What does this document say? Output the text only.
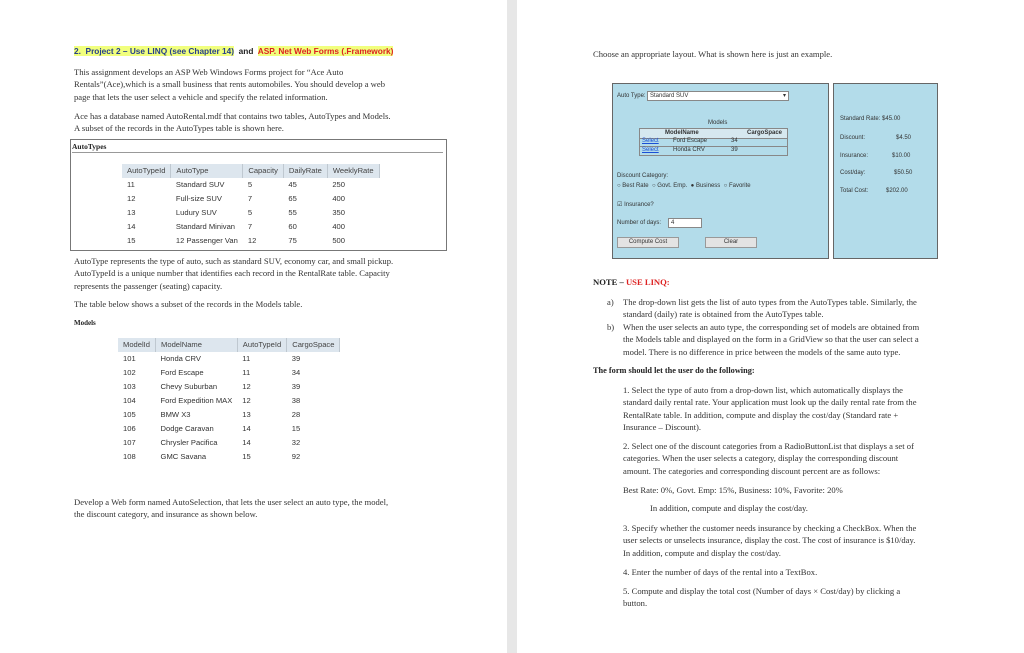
2. Project 2 – Use LINQ (see Chapter 14) and ASP. Net Web Forms (.Framework)
This assignment develops an ASP Web Windows Forms project for “Ace Auto
Rentals”(Ace),which is a small business that rents automobiles. You should develop a web
page that lets the user select a vehicle and specify the related information.
Ace has a database named AutoRental.mdf that contains two tables, AutoTypes and Models.
A subset of the records in the AutoTypes table is shown here.
AutoTypes
AutoTypeId	AutoType	Capacity	DailyRate	WeeklyRate
11	Standard SUV	5	45	250
12	Full-size SUV	7	65	400
13	Ludury SUV	5	55	350
14	Standard Minivan	7	60	400
15	12 Passenger Van	12	75	500
AutoType represents the type of auto, such as standard SUV, economy car, and small pickup.
AutoTypeId is a unique number that identifies each record in the RentalRate table. Capacity
represents the passenger (seating) capacity.
The table below shows a subset of the records in the Models table.
Models
ModelId	ModelName	AutoTypeId	CargoSpace
101	Honda CRV	11	39
102	Ford Escape	11	34
103	Chevy Suburban	12	39
104	Ford Expedition MAX	12	38
105	BMW X3	13	28
106	Dodge Caravan	14	15
107	Chrysler Pacifica	14	32
108	GMC Savana	15	92
Develop a Web form named AutoSelection, that lets the user select an auto type, the model,
the discount category, and insurance as shown below.
Choose an appropriate layout. What is shown here is just an example.
Auto Type: Standard SUV	▾
Models
ModelName	CargoSpace
Select Ford Escape	34
Select Honda CRV	39
Discount Category:
○ Best Rate ○ Govt. Emp. ● Business ○ Favorite
☑ Insurance?
Number of days:	4
Compute Cost	Clear
Standard Rate: $45.00
Discount:	$4.50
Insurance:	$10.00
Cost/day:	$50.50
Total Cost:	$202.00
NOTE – USE LINQ:
a) The drop-down list gets the list of auto types from the AutoTypes table. Similarly, the
standard (daily) rate is obtained from the AutoTypes table.
b) When the user selects an auto type, the corresponding set of models are obtained from
the Models table and displayed on the form in a GridView so that the user can select a
model. There is no difference in price between the models of the same auto type.
The form should let the user do the following:
1. Select the type of auto from a drop-down list, which automatically displays the
standard daily rental rate. Your application must look up the daily rental rate from the
RentalRate table. In addition, compute and display the cost/day (Standard rate +
Insurance – Discount).
2. Select one of the discount categories from a RadioButtonList that displays a set of
categories. When the user selects a category, display the corresponding discount
amount. The categories and corresponding discount percent are as follows:
Best Rate: 0%, Govt. Emp: 15%, Business: 10%, Favorite: 20%
In addition, compute and display the cost/day.
3. Specify whether the customer needs insurance by checking a CheckBox. When the
user selects or unselects insurance, display the cost. The cost of insurance is $10/day.
In addition, compute and display the cost/day.
4. Enter the number of days of the rental into a TextBox.
5. Compute and display the total cost (Number of days × Cost/day) by clicking a
button.
